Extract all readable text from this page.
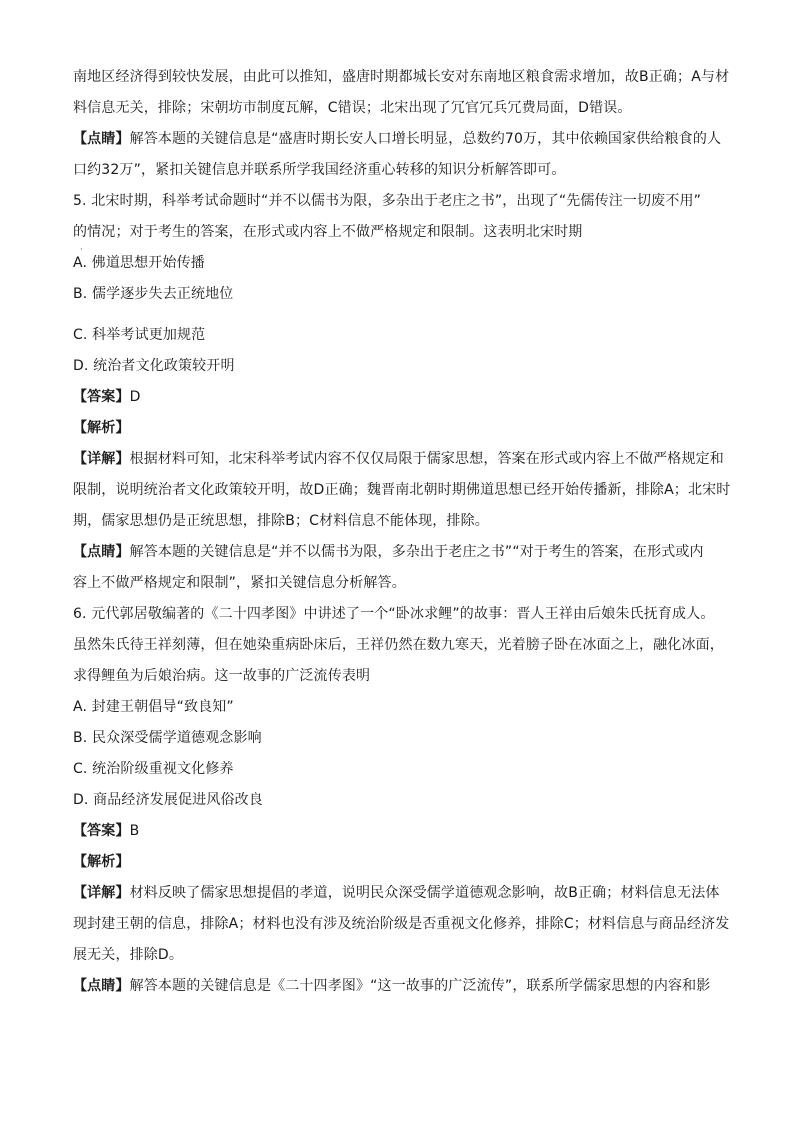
南地区经济得到较快发展，由此可以推知，盛唐时期都城长安对东南地区粮食需求增加，故B正确；A与材
料信息无关，排除；宋朝坊市制度瓦解，C错误；北宋出现了冗官冗兵冗费局面，D错误。
【点睛】解答本题的关键信息是“盛唐时期长安人口增长明显，总数约70万，其中依赖国家供给粮食的人
口约32万”，紧扣关键信息并联系所学我国经济重心转移的知识分析解答即可。
5. 北宋时期，科举考试命题时“并不以儒书为限，多杂出于老庄之书”，出现了“先儒传注一切废不用”
的情况；对于考生的答案，在形式或内容上不做严格规定和限制。这表明北宋时期
A. 佛道思想开始传播
B. 儒学逐步失去正统地位
C. 科举考试更加规范
D. 统治者文化政策较开明
【答案】D
【解析】
【详解】根据材料可知，北宋科举考试内容不仅仅局限于儒家思想，答案在形式或内容上不做严格规定和
限制，说明统治者文化政策较开明，故D正确；魏晋南北朝时期佛道思想已经开始传播新，排除A；北宋时
期，儒家思想仍是正统思想，排除B；C材料信息不能体现，排除。
【点睛】解答本题的关键信息是“并不以儒书为限，多杂出于老庄之书”“对于考生的答案，在形式或内
容上不做严格规定和限制”，紧扣关键信息分析解答。
6. 元代郭居敬编著的《二十四孝图》中讲述了一个“卧冰求鲤”的故事：晋人王祥由后娘朱氏抚育成人。
虽然朱氏待王祥刻薄，但在她染重病卧床后，王祥仍然在数九寒天，光着膀子卧在冰面之上，融化冰面，
求得鲤鱼为后娘治病。这一故事的广泛流传表明
A. 封建王朝倡导“致良知”
B. 民众深受儒学道德观念影响
C. 统治阶级重视文化修养
D. 商品经济发展促进风俗改良
【答案】B
【解析】
【详解】材料反映了儒家思想提倡的孝道，说明民众深受儒学道德观念影响，故B正确；材料信息无法体
现封建王朝的信息，排除A；材料也没有涉及统治阶级是否重视文化修养，排除C；材料信息与商品经济发
展无关，排除D。
【点睛】解答本题的关键信息是《二十四孝图》“这一故事的广泛流传”，联系所学儒家思想的内容和影
·
